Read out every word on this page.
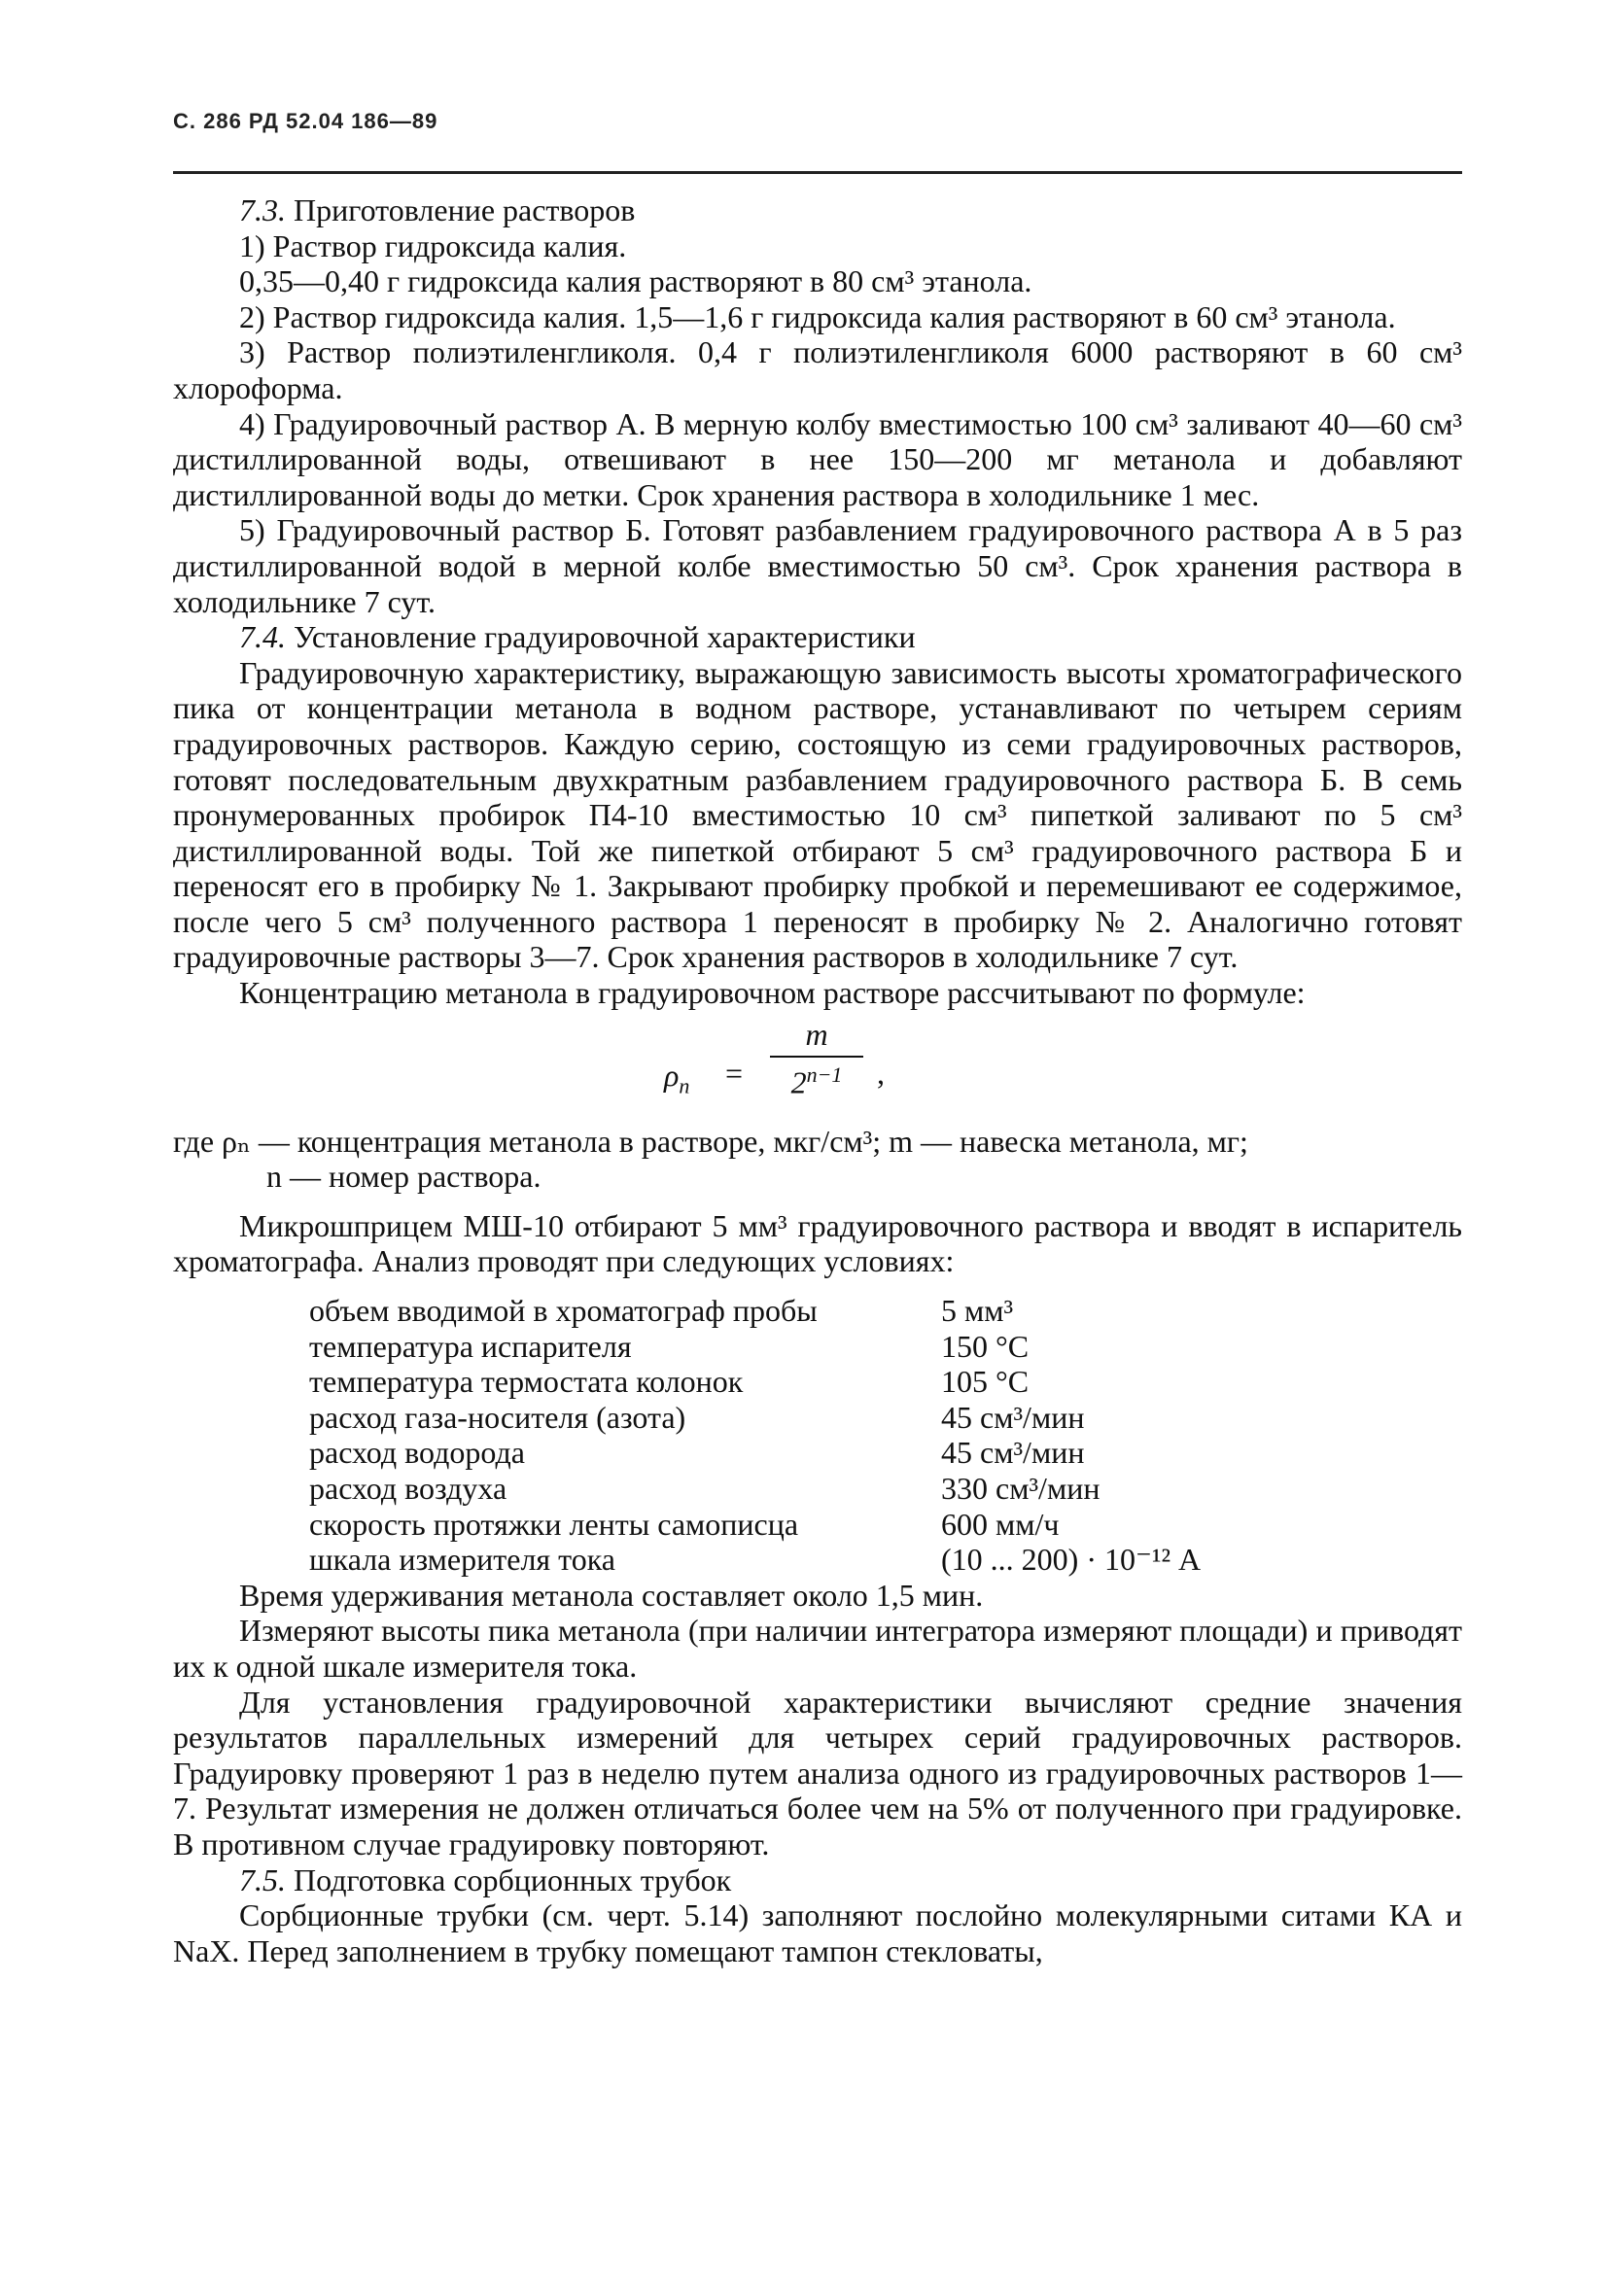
С. 286 РД 52.04 186—89

7.3. Приготовление растворов

1) Раствор гидроксида калия.

0,35—0,40 г гидроксида калия растворяют в 80 см³ этанола.

2) Раствор гидроксида калия. 1,5—1,6 г гидроксида калия растворяют в 60 см³ этанола.

3) Раствор полиэтиленгликоля. 0,4 г полиэтиленгликоля 6000 растворяют в 60 см³ хлороформа.

4) Градуировочный раствор А. В мерную колбу вместимостью 100 см³ заливают 40—60 см³ дистиллированной воды, отвешивают в нее 150—200 мг метанола и добавляют дистиллированной воды до метки. Срок хранения раствора в холодильнике 1 мес.

5) Градуировочный раствор Б. Готовят разбавлением градуировочного раствора А в 5 раз дистиллированной водой в мерной колбе вместимостью 50 см³. Срок хранения раствора в холодильнике 7 сут.

7.4. Установление градуировочной характеристики

Градуировочную характеристику, выражающую зависимость высоты хроматографического пика от концентрации метанола в водном растворе, устанавливают по четырем сериям градуировочных растворов. Каждую серию, состоящую из семи градуировочных растворов, готовят последовательным двухкратным разбавлением градуировочного раствора Б. В семь пронумерованных пробирок П4-10 вместимостью 10 см³ пипеткой заливают по 5 см³ дистиллированной воды. Той же пипеткой отбирают 5 см³ градуировочного раствора Б и переносят его в пробирку № 1. Закрывают пробирку пробкой и перемешивают ее содержимое, после чего 5 см³ полученного раствора 1 переносят в пробирку № 2. Аналогично готовят градуировочные растворы 3—7. Срок хранения растворов в холодильнике 7 сут.

Концентрацию метанола в градуировочном растворе рассчитывают по формуле:

$\rho_n = \frac{m}{2^{n-1}}$ ,

где ρₙ — концентрация метанола в растворе, мкг/см³; m — навеска метанола, мг;

n — номер раствора.

Микрошприцем МШ-10 отбирают 5 мм³ градуировочного раствора и вводят в испаритель хроматографа. Анализ проводят при следующих условиях:

объем вводимой в хроматограф пробы	5 мм³
температура испарителя	150 °С
температура термостата колонок	105 °С
расход газа-носителя (азота)	45 см³/мин
расход водорода	45 см³/мин
расход воздуха	330 см³/мин
скорость протяжки ленты самописца	600 мм/ч
шкала измерителя тока	(10 ... 200) · 10⁻¹² А

Время удерживания метанола составляет около 1,5 мин.

Измеряют высоты пика метанола (при наличии интегратора измеряют площади) и приводят их к одной шкале измерителя тока.

Для установления градуировочной характеристики вычисляют средние значения результатов параллельных измерений для четырех серий градуировочных растворов. Градуировку проверяют 1 раз в неделю путем анализа одного из градуировочных растворов 1—7. Результат измерения не должен отличаться более чем на 5% от полученного при градуировке. В противном случае градуировку повторяют.

7.5. Подготовка сорбционных трубок

Сорбционные трубки (см. черт. 5.14) заполняют послойно молекулярными ситами КА и NaX. Перед заполнением в трубку помещают тампон стекловаты,
